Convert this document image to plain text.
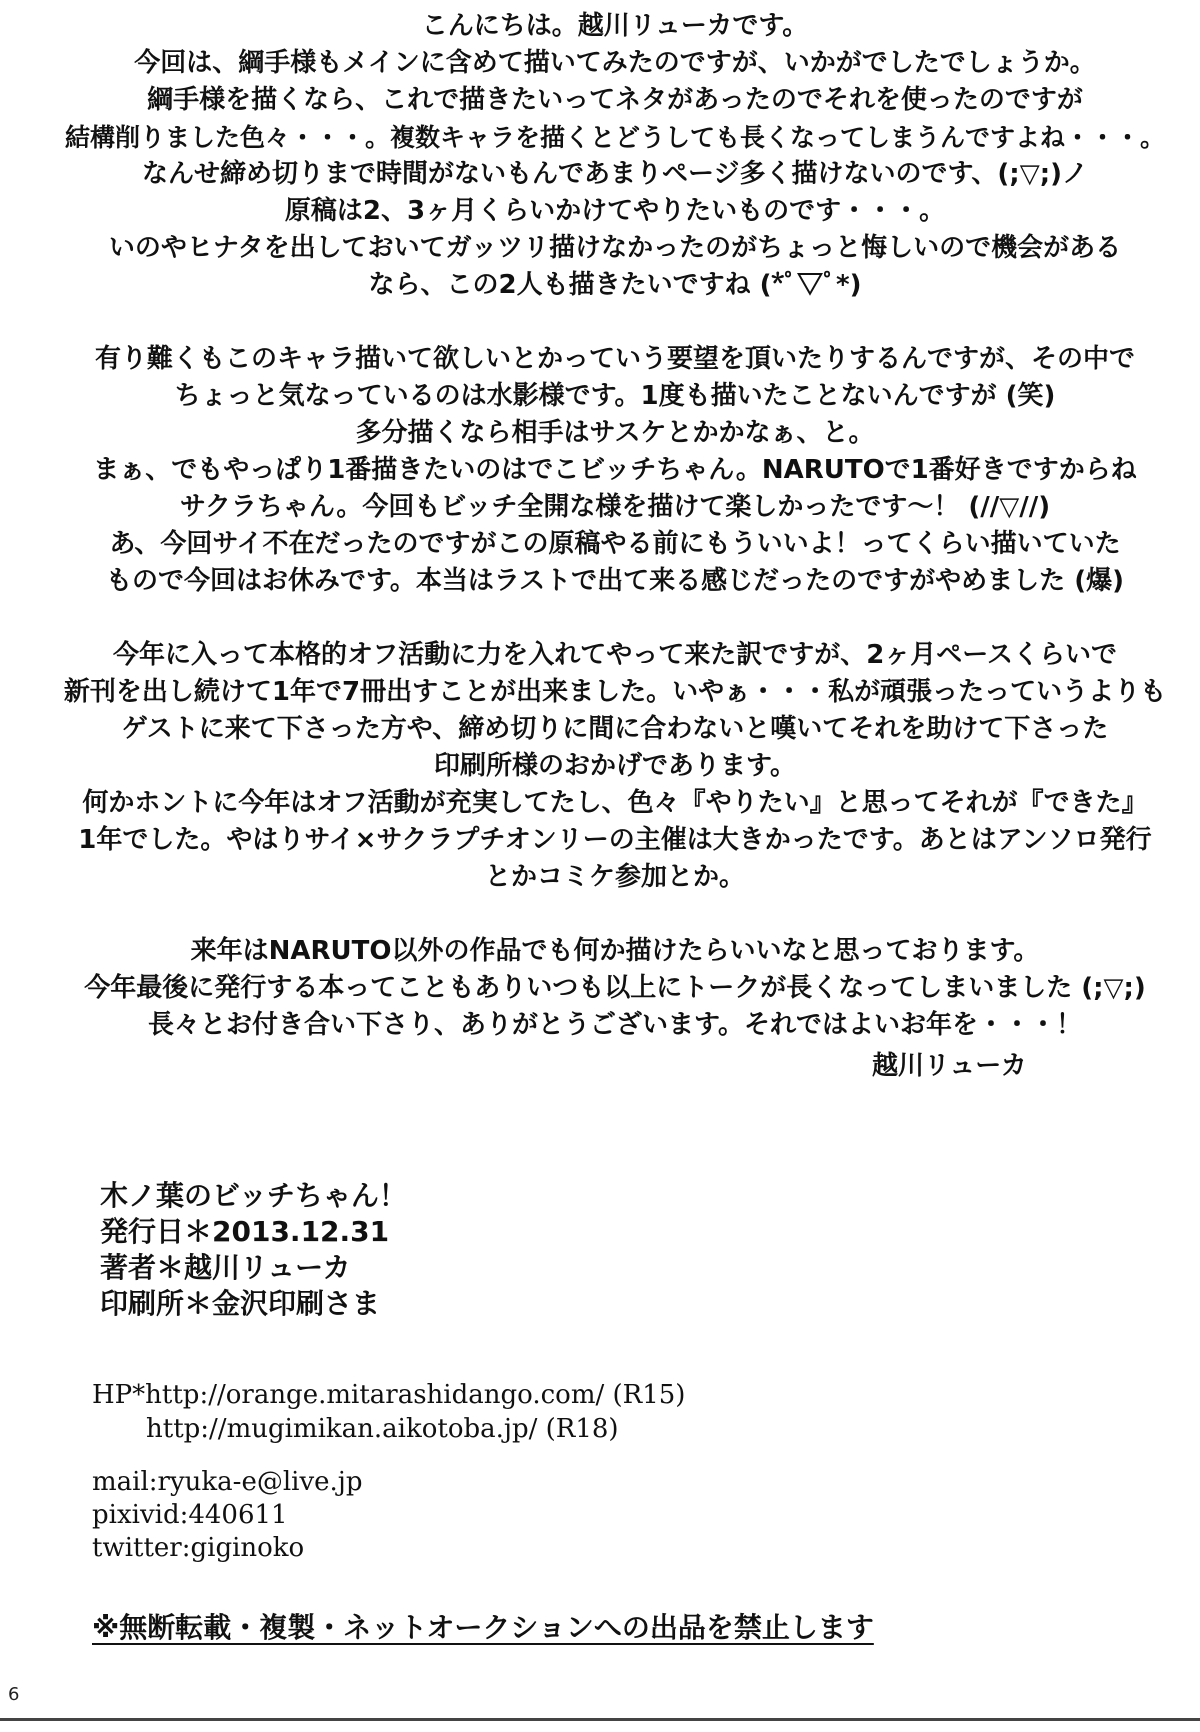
こんにちは。越川リューカです。
今回は、綱手様もメインに含めて描いてみたのですが、いかがでしたでしょうか。
綱手様を描くなら、これで描きたいってネタがあったのでそれを使ったのですが
結構削りました色々・・・。複数キャラを描くとどうしても長くなってしまうんですよね・・・。
なんせ締め切りまで時間がないもんであまりページ多く描けないのです、(;▽;)ノ
原稿は2、3ヶ月くらいかけてやりたいものです・・・。
いのやヒナタを出しておいてガッツリ描けなかったのがちょっと悔しいので機会がある
なら、この2人も描きたいですね (*ﾟ▽ﾟ*)
有り難くもこのキャラ描いて欲しいとかっていう要望を頂いたりするんですが、その中で
ちょっと気なっているのは水影様です。1度も描いたことないんですが (笑)
多分描くなら相手はサスケとかかなぁ、と。
まぁ、でもやっぱり1番描きたいのはでこビッチちゃん。NARUTOで1番好きですからね
サクラちゃん。今回もビッチ全開な様を描けて楽しかったです～！ (//▽//)
あ、今回サイ不在だったのですがこの原稿やる前にもういいよ！ってくらい描いていた
もので今回はお休みです。本当はラストで出て来る感じだったのですがやめました (爆)
今年に入って本格的オフ活動に力を入れてやって来た訳ですが、2ヶ月ペースくらいで
新刊を出し続けて1年で7冊出すことが出来ました。いやぁ・・・私が頑張ったっていうよりも
ゲストに来て下さった方や、締め切りに間に合わないと嘆いてそれを助けて下さった
印刷所様のおかげであります。
何かホントに今年はオフ活動が充実してたし、色々『やりたい』と思ってそれが『できた』
1年でした。やはりサイ×サクラプチオンリーの主催は大きかったです。あとはアンソロ発行
とかコミケ参加とか。
来年はNARUTO以外の作品でも何か描けたらいいなと思っております。
今年最後に発行する本ってこともありいつも以上にトークが長くなってしまいました (;▽;)
長々とお付き合い下さり、ありがとうございます。それではよいお年を・・・！
越川リューカ
木ノ葉のビッチちゃん！
発行日＊2013.12.31
著者＊越川リューカ
印刷所＊金沢印刷さま
HP*http://orange.mitarashidango.com/ (R15)
http://mugimikan.aikotoba.jp/ (R18)
mail:ryuka-e@live.jp
pixivid:440611
twitter:giginoko
※無断転載・複製・ネットオークションへの出品を禁止します
6
